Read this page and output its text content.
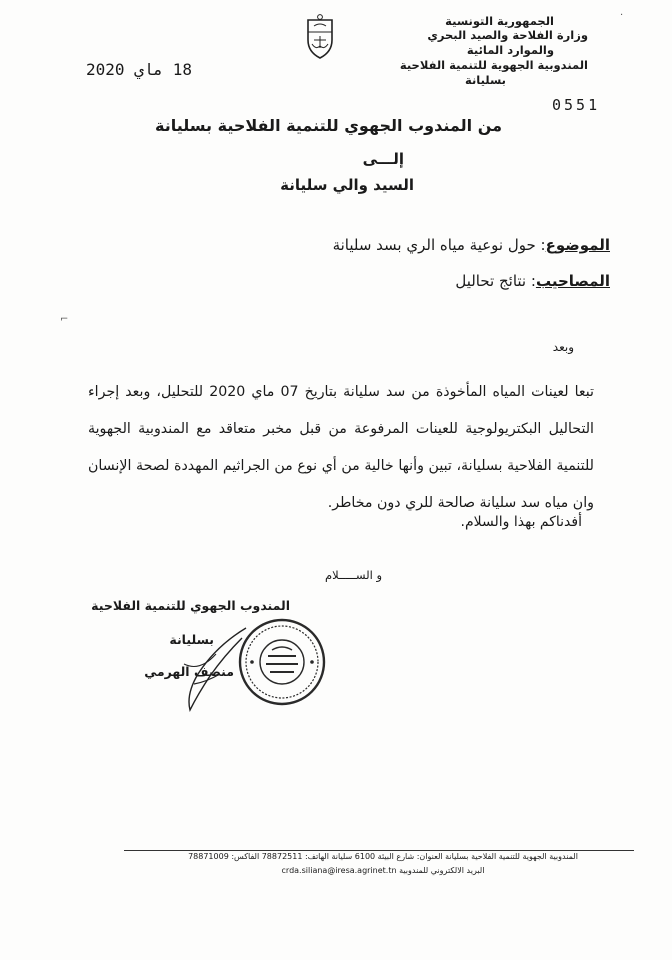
الجمهورية التونسية
وزارة الفلاحة والصيد البحري
والموارد المائية
المندوبية الجهوية للتنمية الفلاحية
بسليانة
18 ماي 2020
0551
من المندوب الجهوي للتنمية الفلاحية بسليانة
إلـــى
السيد والي سليانة
الموضوع: حول نوعية مياه الري بسد سليانة
المصاحيب: نتائج تحاليل
وبعد
تبعا لعينات المياه المأخوذة من سد سليانة بتاريخ 07 ماي 2020 للتحليل، وبعد إجراء التحاليل البكتريولوجية للعينات المرفوعة من قبل مخبر متعاقد مع المندوبية الجهوية للتنمية الفلاحية بسليانة، تبين وأنها خالية من أي نوع من الجراثيم المهددة لصحة الإنسان وان مياه سد سليانة صالحة للري دون مخاطر.
أفدناكم بهذا والسلام.
و الســـــلام
المندوب الجهوي للتنمية الفلاحية
بسليانة
منصف الهرمي
⌐
·
المندوبية الجهوية للتنمية الفلاحية بسليانة العنوان: شارع البيئة 6100 سليانة الهاتف: 78872511 الفاكس: 78871009
البريد الالكتروني للمندوبية crda.siliana@iresa.agrinet.tn
